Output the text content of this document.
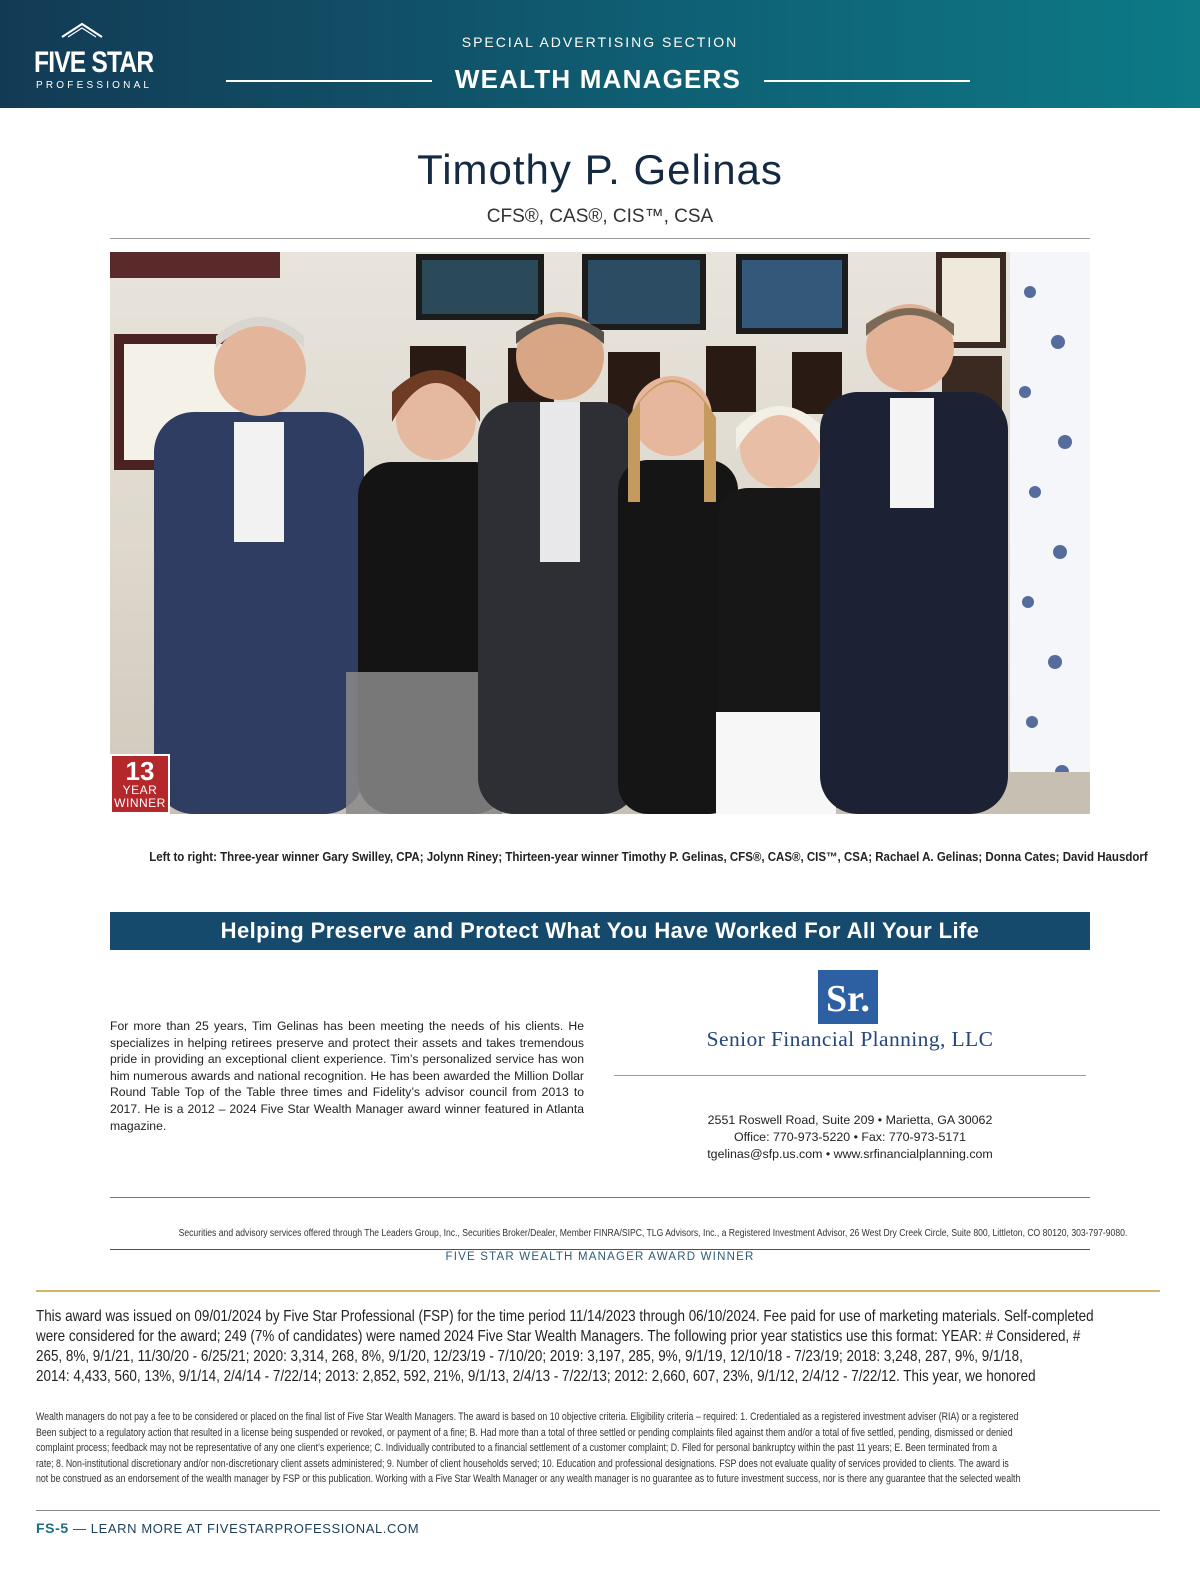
FIVE STAR
PROFESSIONAL
SPECIAL ADVERTISING SECTION
WEALTH MANAGERS
Timothy P. Gelinas
CFS®, CAS®, CIS™, CSA
13
YEAR
WINNER
Left to right: Three-year winner Gary Swilley, CPA; Jolynn Riney; Thirteen-year winner Timothy P. Gelinas, CFS®, CAS®, CIS™, CSA; Rachael A. Gelinas; Donna Cates; David Hausdorf
Helping Preserve and Protect What You Have Worked For All Your Life
For more than 25 years, Tim Gelinas has been meeting the needs of his clients. He specializes in helping retirees preserve and protect their assets and takes tremendous pride in providing an exceptional client experience. Tim’s personalized service has won him numerous awards and national recognition. He has been awarded the Million Dollar Round Table Top of the Table three times and Fidelity’s advisor council from 2013 to 2017. He is a 2012 – 2024 Five Star Wealth Manager award winner featured in Atlanta magazine.
Sr.
Senior Financial Planning, LLC
2551 Roswell Road, Suite 209 • Marietta, GA 30062
Office: 770-973-5220 • Fax: 770-973-5171
tgelinas@sfp.us.com • www.srfinancialplanning.com
Securities and advisory services offered through The Leaders Group, Inc., Securities Broker/Dealer, Member FINRA/SIPC, TLG Advisors, Inc., a Registered Investment Advisor, 26 West Dry Creek Circle, Suite 800, Littleton, CO 80120, 303-797-9080.
FIVE STAR WEALTH MANAGER AWARD WINNER
This award was issued on 09/01/2024 by Five Star Professional (FSP) for the time period 11/14/2023 through 06/10/2024. Fee paid for use of marketing materials. Self-completed
were considered for the award; 249 (7% of candidates) were named 2024 Five Star Wealth Managers. The following prior year statistics use this format: YEAR: # Considered, #
265, 8%, 9/1/21, 11/30/20 - 6/25/21; 2020: 3,314, 268, 8%, 9/1/20, 12/23/19 - 7/10/20; 2019: 3,197, 285, 9%, 9/1/19, 12/10/18 - 7/23/19; 2018: 3,248, 287, 9%, 9/1/18,
2014: 4,433, 560, 13%, 9/1/14, 2/4/14 - 7/22/14; 2013: 2,852, 592, 21%, 9/1/13, 2/4/13 - 7/22/13; 2012: 2,660, 607, 23%, 9/1/12, 2/4/12 - 7/22/12. This year, we honored
Wealth managers do not pay a fee to be considered or placed on the final list of Five Star Wealth Managers. The award is based on 10 objective criteria. Eligibility criteria – required: 1. Credentialed as a registered investment adviser (RIA) or a registered
Been subject to a regulatory action that resulted in a license being suspended or revoked, or payment of a fine; B. Had more than a total of three settled or pending complaints filed against them and/or a total of five settled, pending, dismissed or denied
complaint process; feedback may not be representative of any one client’s experience; C. Individually contributed to a financial settlement of a customer complaint; D. Filed for personal bankruptcy within the past 11 years; E. Been terminated from a
rate; 8. Non-institutional discretionary and/or non-discretionary client assets administered; 9. Number of client households served; 10. Education and professional designations. FSP does not evaluate quality of services provided to clients. The award is
not be construed as an endorsement of the wealth manager by FSP or this publication. Working with a Five Star Wealth Manager or any wealth manager is no guarantee as to future investment success, nor is there any guarantee that the selected wealth
FS-5 — LEARN MORE AT FIVESTARPROFESSIONAL.COM
